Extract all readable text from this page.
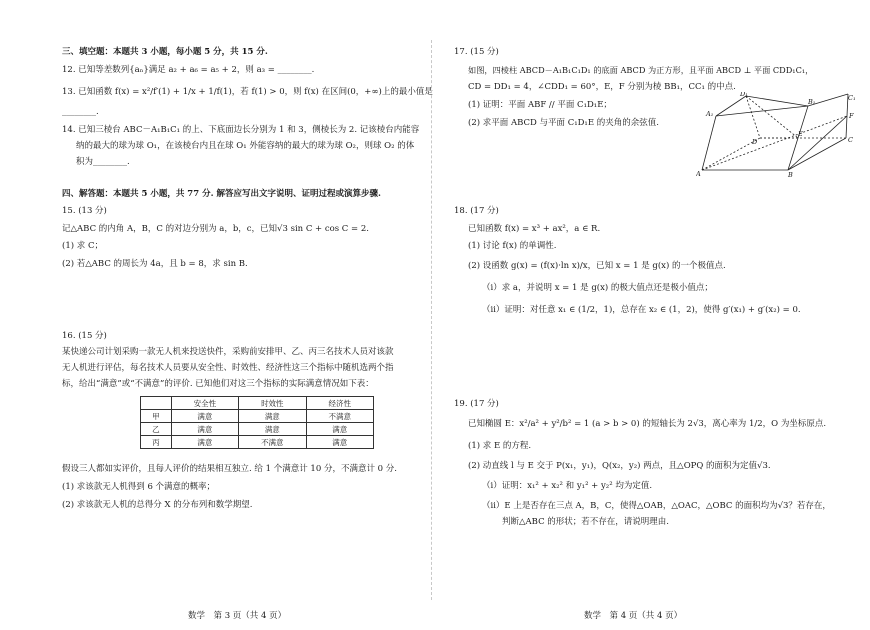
三、填空题：本题共 3 小题，每小题 5 分，共 15 分.
12. 已知等差数列{aₙ}满足 a₂ + a₆ = a₅ + 2，则 a₃ = ________.
13. 已知函数 f(x) = x²/f′(1) + 1/x + 1/f(1)，若 f(1) > 0，则 f(x) 在区间(0，+∞)上的最小值是
________.
14. 已知三棱台 ABC－A₁B₁C₁ 的上、下底面边长分别为 1 和 3，侧棱长为 2. 记该棱台内能容
纳的最大的球为球 O₁，在该棱台内且在球 O₁ 外能容纳的最大的球为球 O₂，则球 O₂ 的体
积为________.
四、解答题：本题共 5 小题，共 77 分. 解答应写出文字说明、证明过程或演算步骤.
15. (13 分)
记△ABC 的内角 A，B，C 的对边分别为 a，b，c，已知√3 sin C + cos C = 2.
(1) 求 C；
(2) 若△ABC 的周长为 4a，且 b = 8，求 sin B.
16. (15 分)
某快递公司计划采购一款无人机来投送快件，采购前安排甲、乙、丙三名技术人员对该款
无人机进行评估，每名技术人员要从安全性、时效性、经济性这三个指标中随机选两个指
标，给出“满意”或“不满意”的评价. 已知他们对这三个指标的实际满意情况如下表：
	安全性	时效性	经济性
甲	满意	满意	不满意
乙	满意	满意	满意
丙	满意	不满意	满意
假设三人都如实评价，且每人评价的结果相互独立. 给 1 个满意计 10 分，不满意计 0 分.
(1) 求该款无人机得到 6 个满意的概率；
(2) 求该款无人机的总得分 X 的分布列和数学期望.
数学　第 3 页（共 4 页）
17. (15 分)
如图，四棱柱 ABCD－A₁B₁C₁D₁ 的底面 ABCD 为正方形，且平面 ABCD ⊥ 平面 CDD₁C₁，
CD = DD₁ = 4，∠CDD₁ = 60°，E，F 分别为棱 BB₁，CC₁ 的中点.
(1) 证明：平面 ABF // 平面 C₁D₁E；
(2) 求平面 ABCD 与平面 C₁D₁E 的夹角的余弦值.
D₁
A₁
B₁	C₁
D
A	B
C
E
F
18. (17 分)
已知函数 f(x) = x³ + ax²，a ∈ R.
(1) 讨论 f(x) 的单调性.
(2) 设函数 g(x) = (f(x)·ln x)/x，已知 x = 1 是 g(x) 的一个极值点.
（ⅰ）求 a，并说明 x = 1 是 g(x) 的极大值点还是极小值点；
（ⅱ）证明：对任意 x₁ ∈ (1/2，1)，总存在 x₂ ∈ (1，2)，使得 g′(x₁) + g′(x₂) = 0.
19. (17 分)
已知椭圆 E：x²/a² + y²/b² = 1 (a > b > 0) 的短轴长为 2√3，离心率为 1/2，O 为坐标原点.
(1) 求 E 的方程.
(2) 动直线 l 与 E 交于 P(x₁，y₁)，Q(x₂，y₂) 两点，且△OPQ 的面积为定值√3.
（ⅰ）证明：x₁² + x₂² 和 y₁² + y₂² 均为定值.
（ⅱ）E 上是否存在三点 A，B，C，使得△OAB，△OAC，△OBC 的面积均为√3？若存在，
判断△ABC 的形状；若不存在，请说明理由.
数学　第 4 页（共 4 页）
